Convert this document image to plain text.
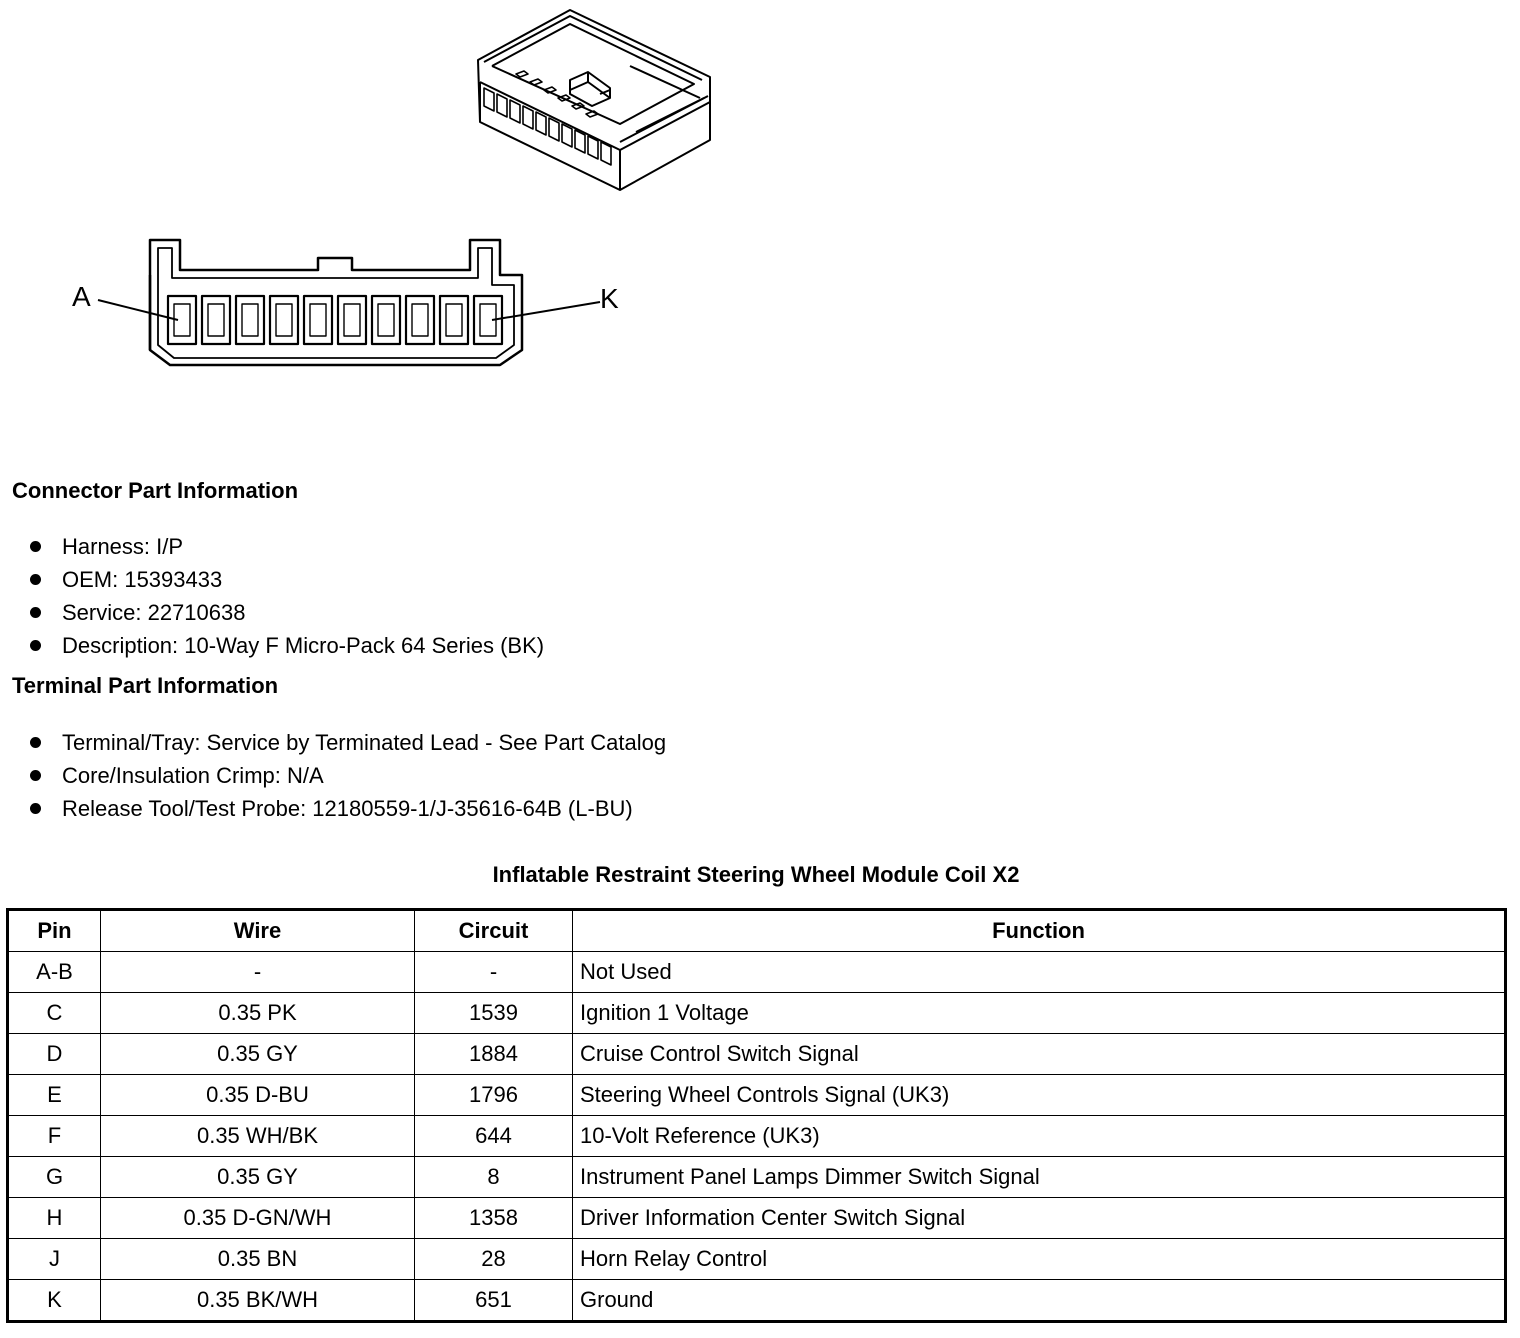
A	K
Connector Part Information
Harness: I/P
OEM: 15393433
Service: 22710638
Description: 10-Way F Micro-Pack 64 Series (BK)
Terminal Part Information
Terminal/Tray: Service by Terminated Lead - See Part Catalog
Core/Insulation Crimp: N/A
Release Tool/Test Probe: 12180559-1/J-35616-64B (L-BU)
Inflatable Restraint Steering Wheel Module Coil X2
Pin	Wire	Circuit	Function
A-B	-	-	Not Used
C	0.35 PK	1539	Ignition 1 Voltage
D	0.35 GY	1884	Cruise Control Switch Signal
E	0.35 D-BU	1796	Steering Wheel Controls Signal (UK3)
F	0.35 WH/BK	644	10-Volt Reference (UK3)
G	0.35 GY	8	Instrument Panel Lamps Dimmer Switch Signal
H	0.35 D-GN/WH	1358	Driver Information Center Switch Signal
J	0.35 BN	28	Horn Relay Control
K	0.35 BK/WH	651	Ground
